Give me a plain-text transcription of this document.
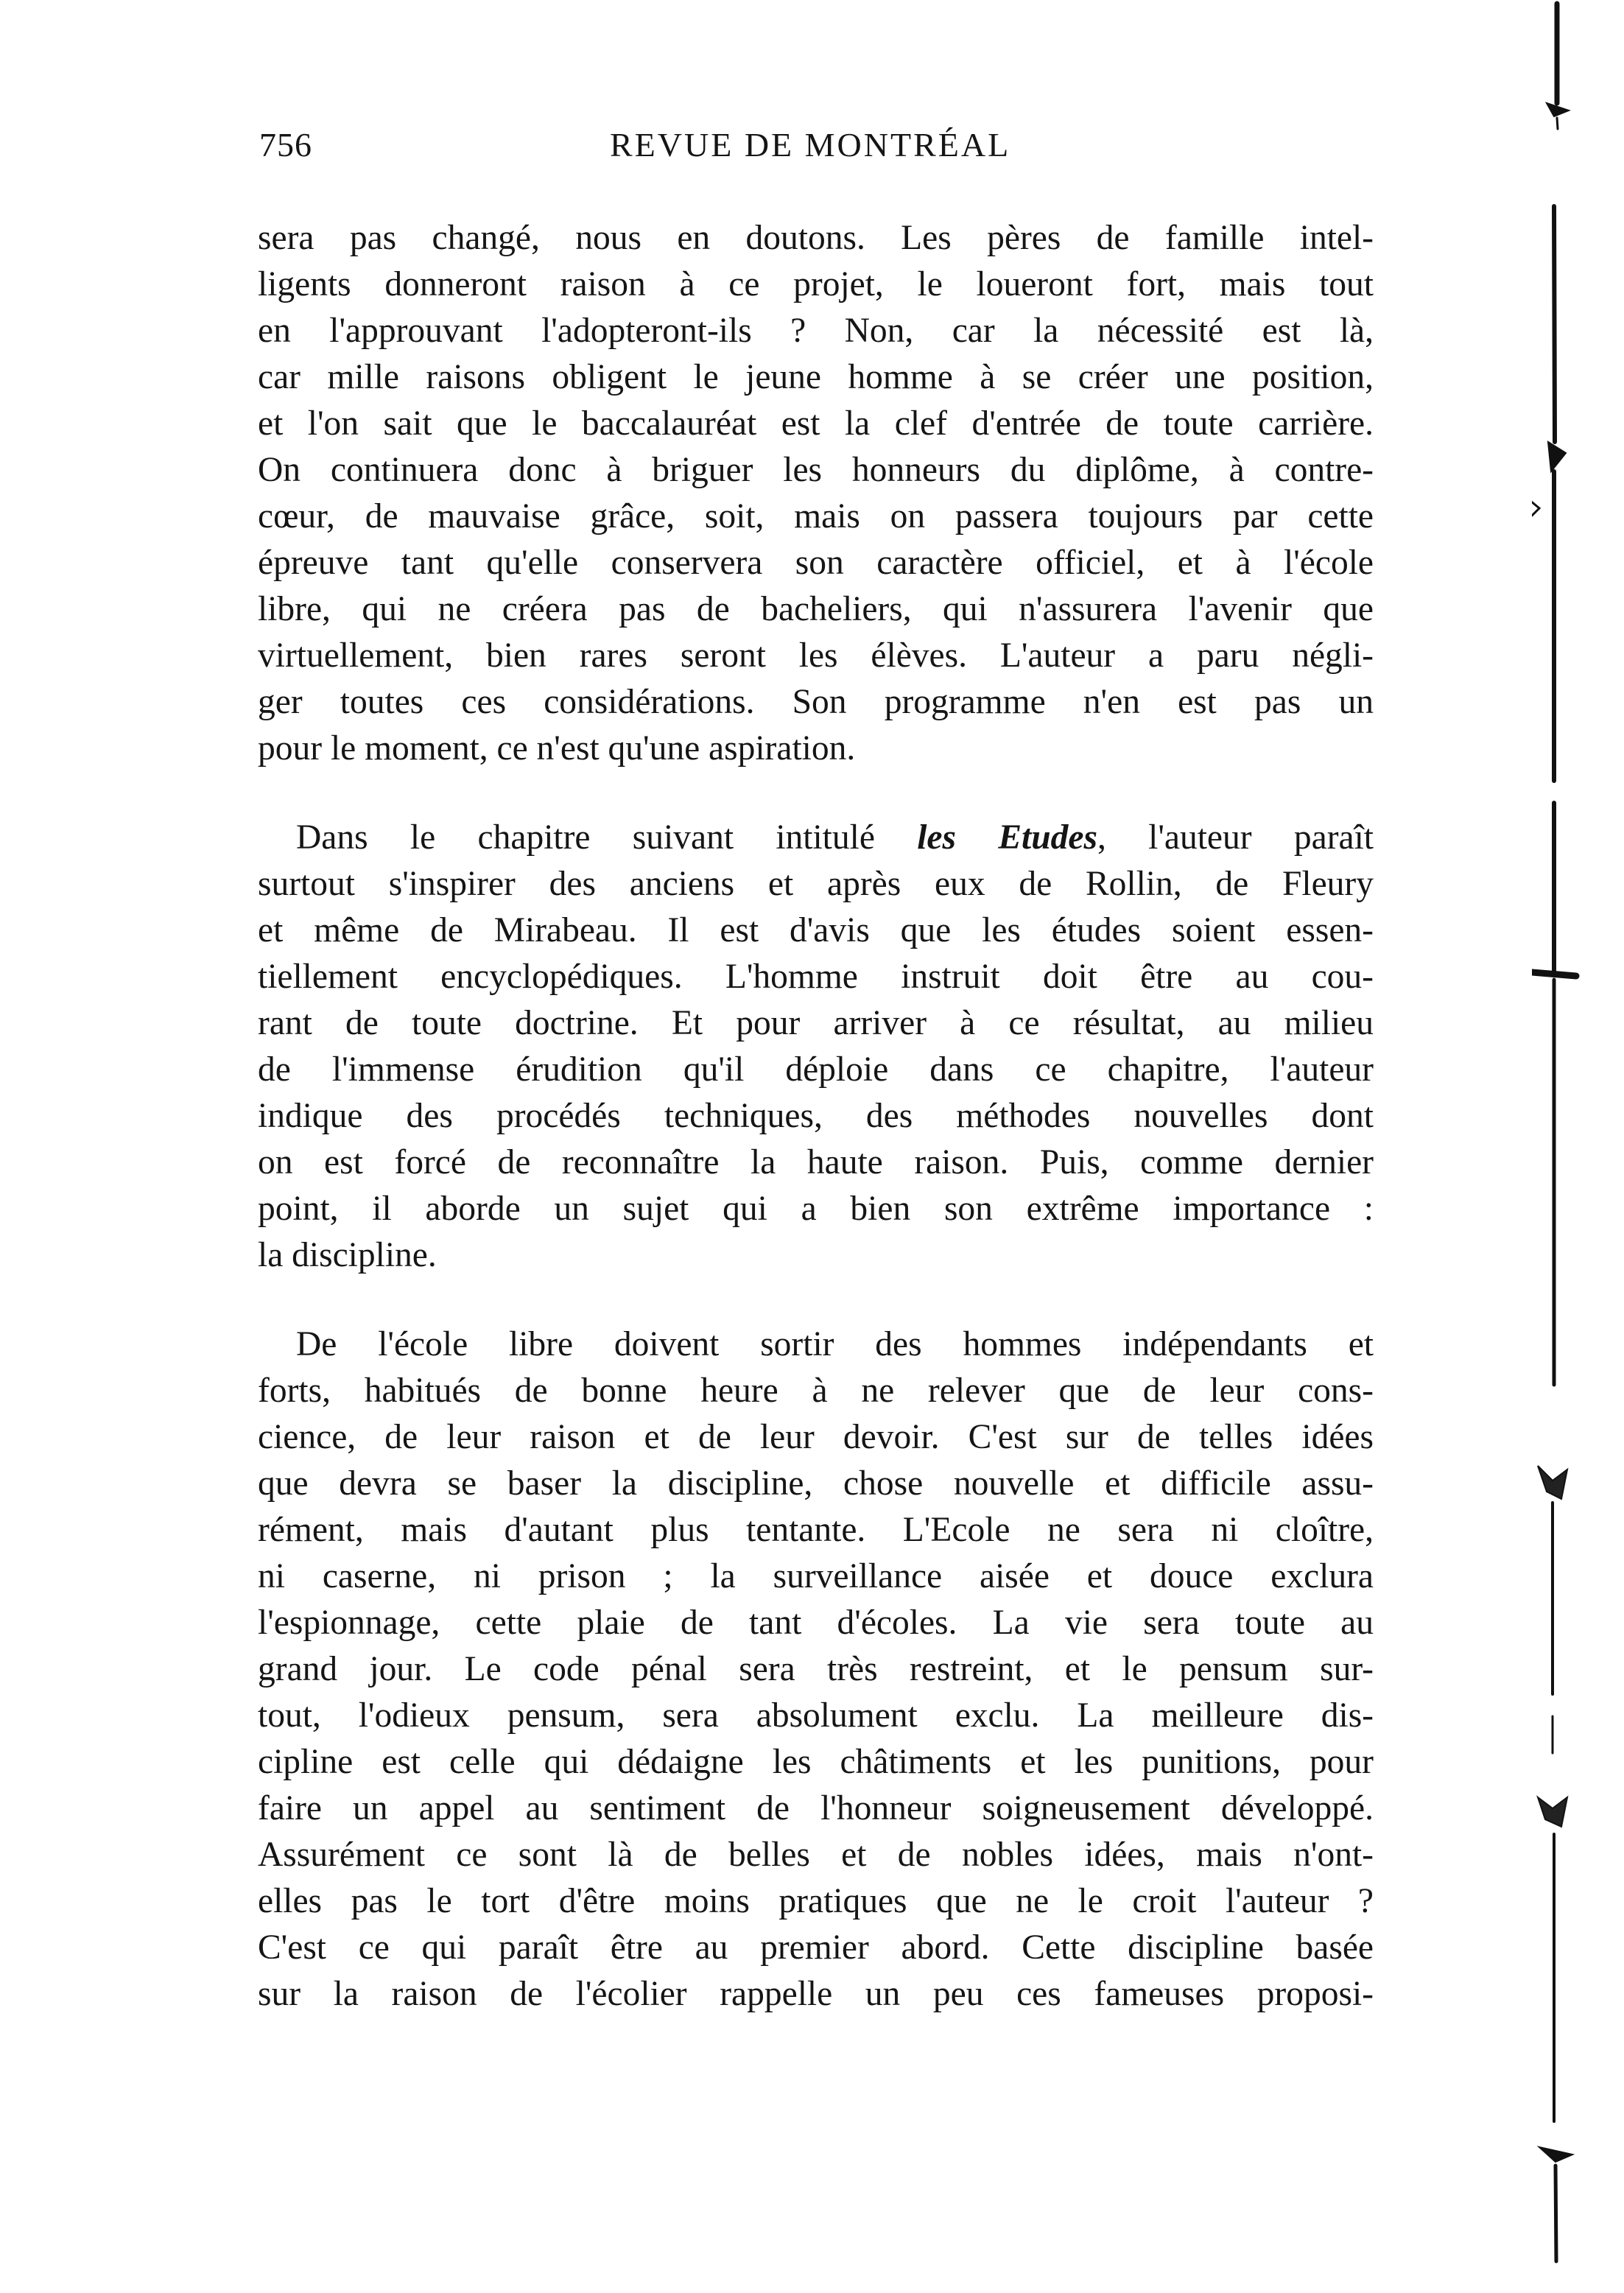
756	REVUE DE MONTRÉAL
sera pas changé, nous en doutons. Les pères de famille intel-
ligents donneront raison à ce projet, le loueront fort, mais tout
en l'approuvant l'adopteront-ils ? Non, car la nécessité est là,
car mille raisons obligent le jeune homme à se créer une position,
et l'on sait que le baccalauréat est la clef d'entrée de toute carrière.
On continuera donc à briguer les honneurs du diplôme, à contre-
cœur, de mauvaise grâce, soit, mais on passera toujours par cette
épreuve tant qu'elle conservera son caractère officiel, et à l'école
libre, qui ne créera pas de bacheliers, qui n'assurera l'avenir que
virtuellement, bien rares seront les élèves. L'auteur a paru négli-
ger toutes ces considérations. Son programme n'en est pas un
pour le moment, ce n'est qu'une aspiration.
Dans le chapitre suivant intitulé les Etudes, l'auteur paraît
surtout s'inspirer des anciens et après eux de Rollin, de Fleury
et même de Mirabeau. Il est d'avis que les études soient essen-
tiellement encyclopédiques. L'homme instruit doit être au cou-
rant de toute doctrine. Et pour arriver à ce résultat, au milieu
de l'immense érudition qu'il déploie dans ce chapitre, l'auteur
indique des procédés techniques, des méthodes nouvelles dont
on est forcé de reconnaître la haute raison. Puis, comme dernier
point, il aborde un sujet qui a bien son extrême importance :
la discipline.
De l'école libre doivent sortir des hommes indépendants et
forts, habitués de bonne heure à ne relever que de leur cons-
cience, de leur raison et de leur devoir. C'est sur de telles idées
que devra se baser la discipline, chose nouvelle et difficile assu-
rément, mais d'autant plus tentante. L'Ecole ne sera ni cloître,
ni caserne, ni prison ; la surveillance aisée et douce exclura
l'espionnage, cette plaie de tant d'écoles. La vie sera toute au
grand jour. Le code pénal sera très restreint, et le pensum sur-
tout, l'odieux pensum, sera absolument exclu. La meilleure dis-
cipline est celle qui dédaigne les châtiments et les punitions, pour
faire un appel au sentiment de l'honneur soigneusement développé.
Assurément ce sont là de belles et de nobles idées, mais n'ont-
elles pas le tort d'être moins pratiques que ne le croit l'auteur ?
C'est ce qui paraît être au premier abord. Cette discipline basée
sur la raison de l'écolier rappelle un peu ces fameuses proposi-
